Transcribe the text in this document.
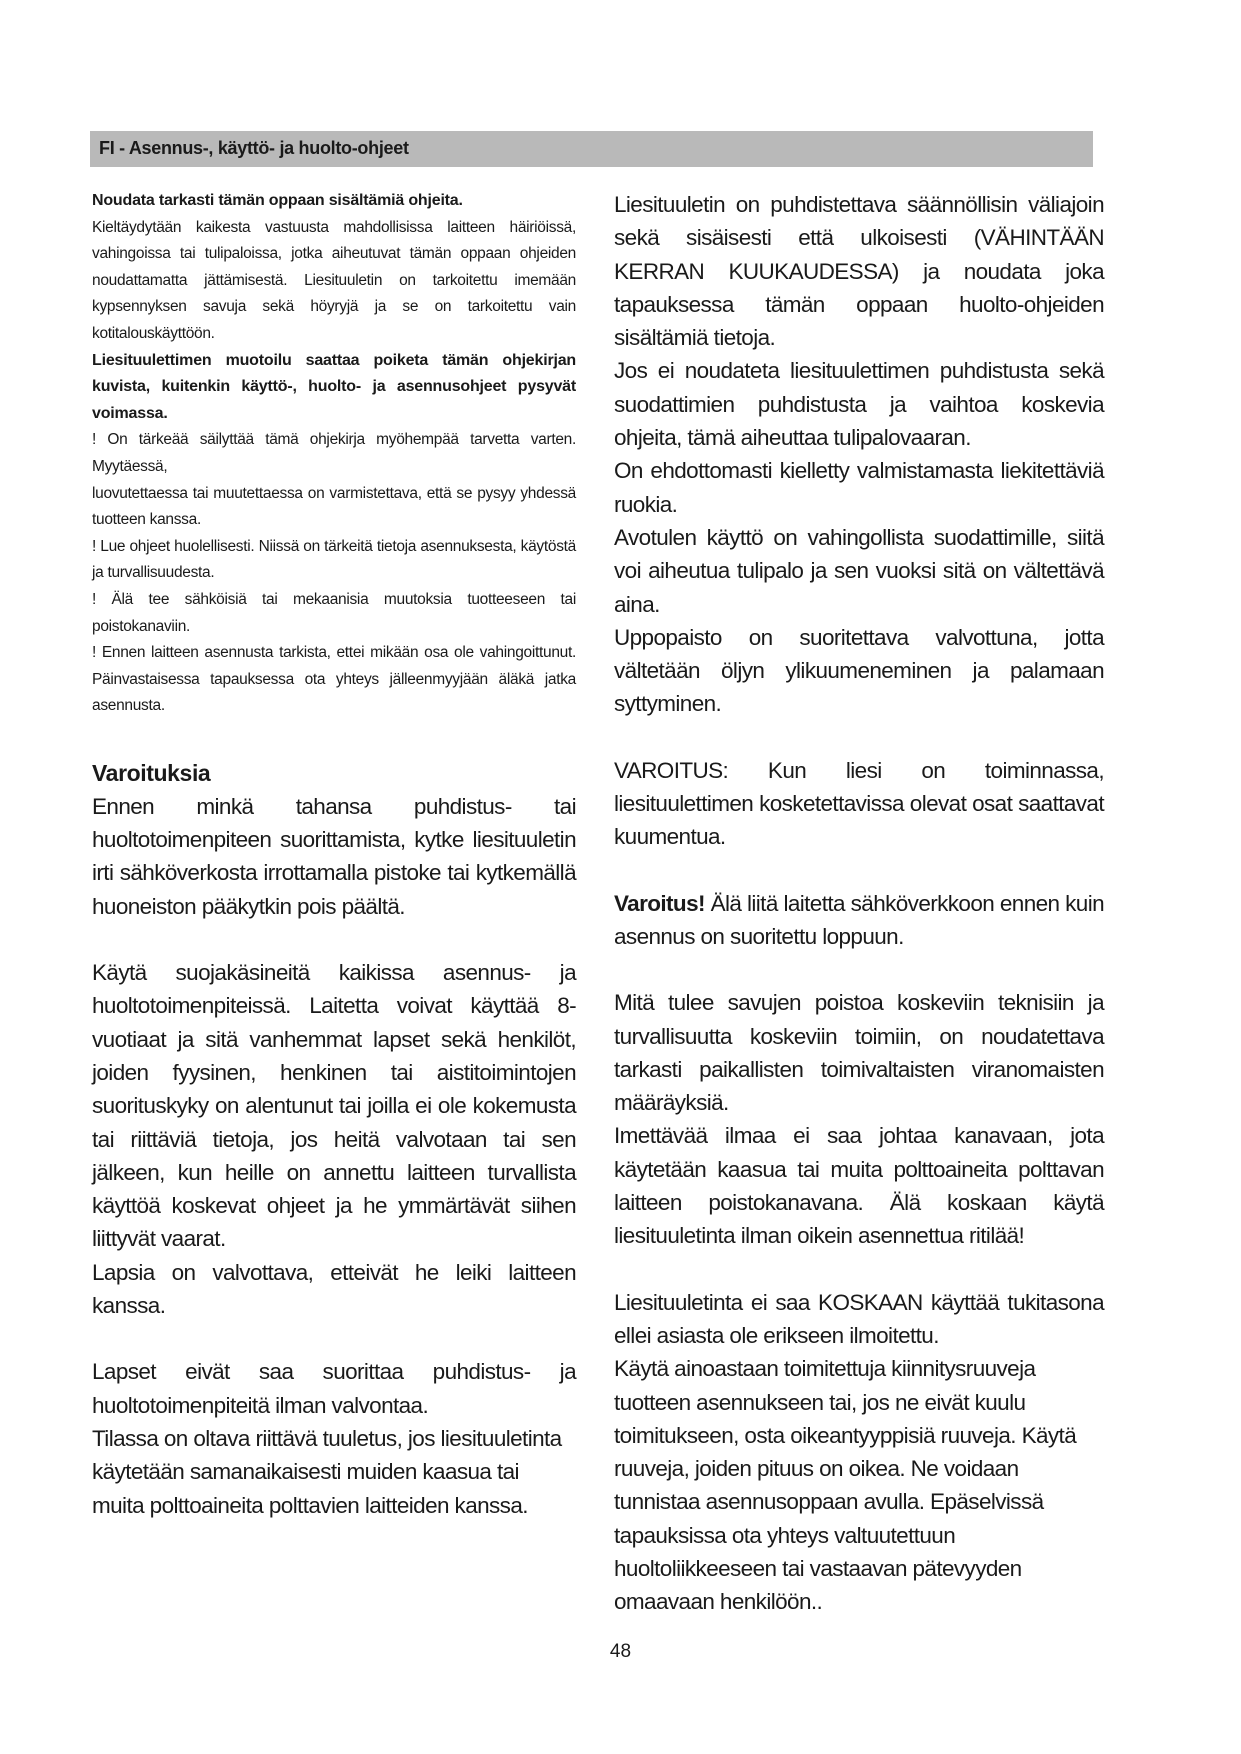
FI - Asennus-, käyttö- ja huolto-ohjeet

Noudata tarkasti tämän oppaan sisältämiä ohjeita.

Kieltäydytään kaikesta vastuusta mahdollisissa laitteen häiriöissä, vahingoissa tai tulipaloissa, jotka aiheutuvat tämän oppaan ohjeiden noudattamatta jättämisestä. Liesituuletin on tarkoitettu imemään kypsennyksen savuja sekä höyryjä ja se on tarkoitettu vain kotitalouskäyttöön.

Liesituulettimen muotoilu saattaa poiketa tämän ohjekirjan kuvista, kuitenkin käyttö-, huolto- ja asennusohjeet pysyvät voimassa.

! On tärkeää säilyttää tämä ohjekirja myöhempää tarvetta varten. Myytäessä,

luovutettaessa tai muutettaessa on varmistettava, että se pysyy yhdessä tuotteen kanssa.

! Lue ohjeet huolellisesti. Niissä on tärkeitä tietoja asennuksesta, käytöstä ja turvallisuudesta.

! Älä tee sähköisiä tai mekaanisia muutoksia tuotteeseen tai poistokanaviin.

! Ennen laitteen asennusta tarkista, ettei mikään osa ole vahingoittunut. Päinvastaisessa tapauksessa ota yhteys jälleenmyyjään äläkä jatka asennusta.

Varoituksia

Ennen minkä tahansa puhdistus- tai huoltotoimenpiteen suorittamista, kytke liesituuletin irti sähköverkosta irrottamalla pistoke tai kytkemällä huoneiston pääkytkin pois päältä.

Käytä suojakäsineitä kaikissa asennus- ja huoltotoimenpiteissä. Laitetta voivat käyttää 8-vuotiaat ja sitä vanhemmat lapset sekä henkilöt, joiden fyysinen, henkinen tai aistitoimintojen suorituskyky on alentunut tai joilla ei ole kokemusta tai riittäviä tietoja, jos heitä valvotaan tai sen jälkeen, kun heille on annettu laitteen turvallista käyttöä koskevat ohjeet ja he ymmärtävät siihen liittyvät vaarat.

Lapsia on valvottava, etteivät he leiki laitteen kanssa.

Lapset eivät saa suorittaa puhdistus- ja huoltotoimenpiteitä ilman valvontaa.

Tilassa on oltava riittävä tuuletus, jos liesituuletinta käytetään samanaikaisesti muiden kaasua tai muita polttoaineita polttavien laitteiden kanssa.

Liesituuletin on puhdistettava säännöllisin väliajoin sekä sisäisesti että ulkoisesti (VÄHINTÄÄN KERRAN KUUKAUDESSA) ja noudata joka tapauksessa tämän oppaan huolto-ohjeiden sisältämiä tietoja.

Jos ei noudateta liesituulettimen puhdistusta sekä suodattimien puhdistusta ja vaihtoa koskevia ohjeita, tämä aiheuttaa tulipalovaaran.

On ehdottomasti kielletty valmistamasta liekitettäviä ruokia.

Avotulen käyttö on vahingollista suodattimille, siitä voi aiheutua tulipalo ja sen vuoksi sitä on vältettävä aina.

Uppopaisto on suoritettava valvottuna, jotta vältetään öljyn ylikuumeneminen ja palamaan syttyminen.

VAROITUS: Kun liesi on toiminnassa, liesituulettimen kosketettavissa olevat osat saattavat kuumentua.

Varoitus! Älä liitä laitetta sähköverkkoon ennen kuin asennus on suoritettu loppuun.

Mitä tulee savujen poistoa koskeviin teknisiin ja turvallisuutta koskeviin toimiin, on noudatettava tarkasti paikallisten toimivaltaisten viranomaisten määräyksiä.

Imettävää ilmaa ei saa johtaa kanavaan, jota käytetään kaasua tai muita polttoaineita polttavan laitteen poistokanavana. Älä koskaan käytä liesituuletinta ilman oikein asennettua ritilää!

Liesituuletinta ei saa KOSKAAN käyttää tukitasona ellei asiasta ole erikseen ilmoitettu.

Käytä ainoastaan toimitettuja kiinnitysruuveja tuotteen asennukseen tai, jos ne eivät kuulu toimitukseen, osta oikeantyyppisiä ruuveja. Käytä ruuveja, joiden pituus on oikea. Ne voidaan tunnistaa asennusoppaan avulla. Epäselvissä tapauksissa ota yhteys valtuutettuun huoltoliikkeeseen tai vastaavan pätevyyden omaavaan henkilöön..

48
